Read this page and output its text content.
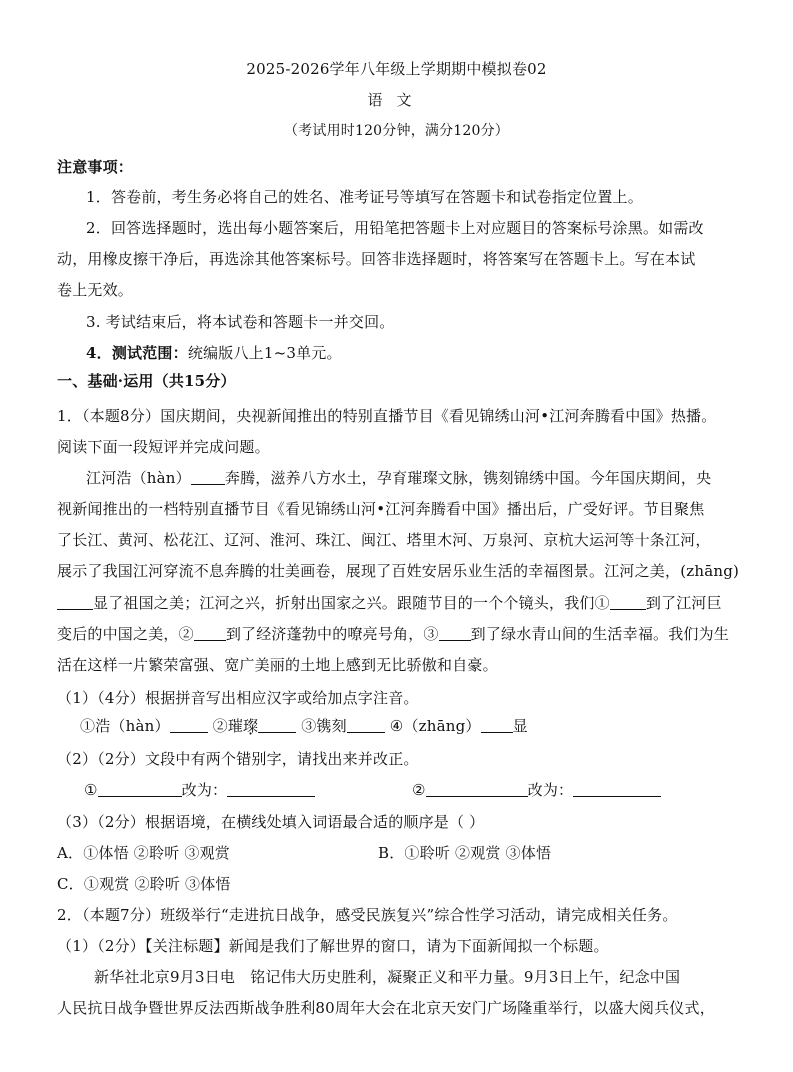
2025-2026学年八年级上学期期中模拟卷02
语文
（考试用时120分钟，满分120分）
注意事项：
1．答卷前，考生务必将自己的姓名、准考证号等填写在答题卡和试卷指定位置上。
2．回答选择题时，选出每小题答案后，用铅笔把答题卡上对应题目的答案标号涂黑。如需改
动，用橡皮擦干净后，再选涂其他答案标号。回答非选择题时，将答案写在答题卡上。写在本试
卷上无效。
3. 考试结束后，将本试卷和答题卡一并交回。
4．测试范围：统编版八上1~3单元。
一、基础·运用（共15分）
1．（本题8分）国庆期间，央视新闻推出的特别直播节目《看见锦绣山河•江河奔腾看中国》热播。
阅读下面一段短评并完成问题。
江河浩（hàn） 奔腾，滋养八方水土，孕育璀璨文脉，镌刻锦绣中国。今年国庆期间，央
视新闻推出的一档特别直播节目《看见锦绣山河•江河奔腾看中国》播出后，广受好评。节目聚焦
了长江、黄河、松花江、辽河、淮河、珠江、闽江、塔里木河、万泉河、京杭大运河等十条江河，
展示了我国江河穿流不息奔腾的壮美画卷，展现了百姓安居乐业生活的幸福图景。江河之美，(zhāng)
显了祖国之美；江河之兴，折射出国家之兴。跟随节目的一个个镜头，我们① 到了江河巨
变后的中国之美，② 到了经济蓬勃中的嘹亮号角，③ 到了绿水青山间的生活幸福。我们为生
活在这样一片繁荣富强、宽广美丽的土地上感到无比骄傲和自豪。
（1）（4分）根据拼音写出相应汉字或给加点字注音。
①浩（hàn）	②璀璨	③镌刻	④（zhāng） 显
（2）（2分）文段中有两个错别字，请找出来并改正。
①	改为：	②	改为：
（3）（2分）根据语境，在横线处填入词语最合适的顺序是（ ）
A．①体悟 ②聆听 ③观赏	B．①聆听 ②观赏 ③体悟
C．①观赏 ②聆听 ③体悟
2．（本题7分）班级举行“走进抗日战争，感受民族复兴”综合性学习活动，请完成相关任务。
（1）（2分）【关注标题】新闻是我们了解世界的窗口，请为下面新闻拟一个标题。
新华社北京9月3日电　铭记伟大历史胜利，凝聚正义和平力量。9月3日上午，纪念中国
人民抗日战争暨世界反法西斯战争胜利80周年大会在北京天安门广场隆重举行，以盛大阅兵仪式，
